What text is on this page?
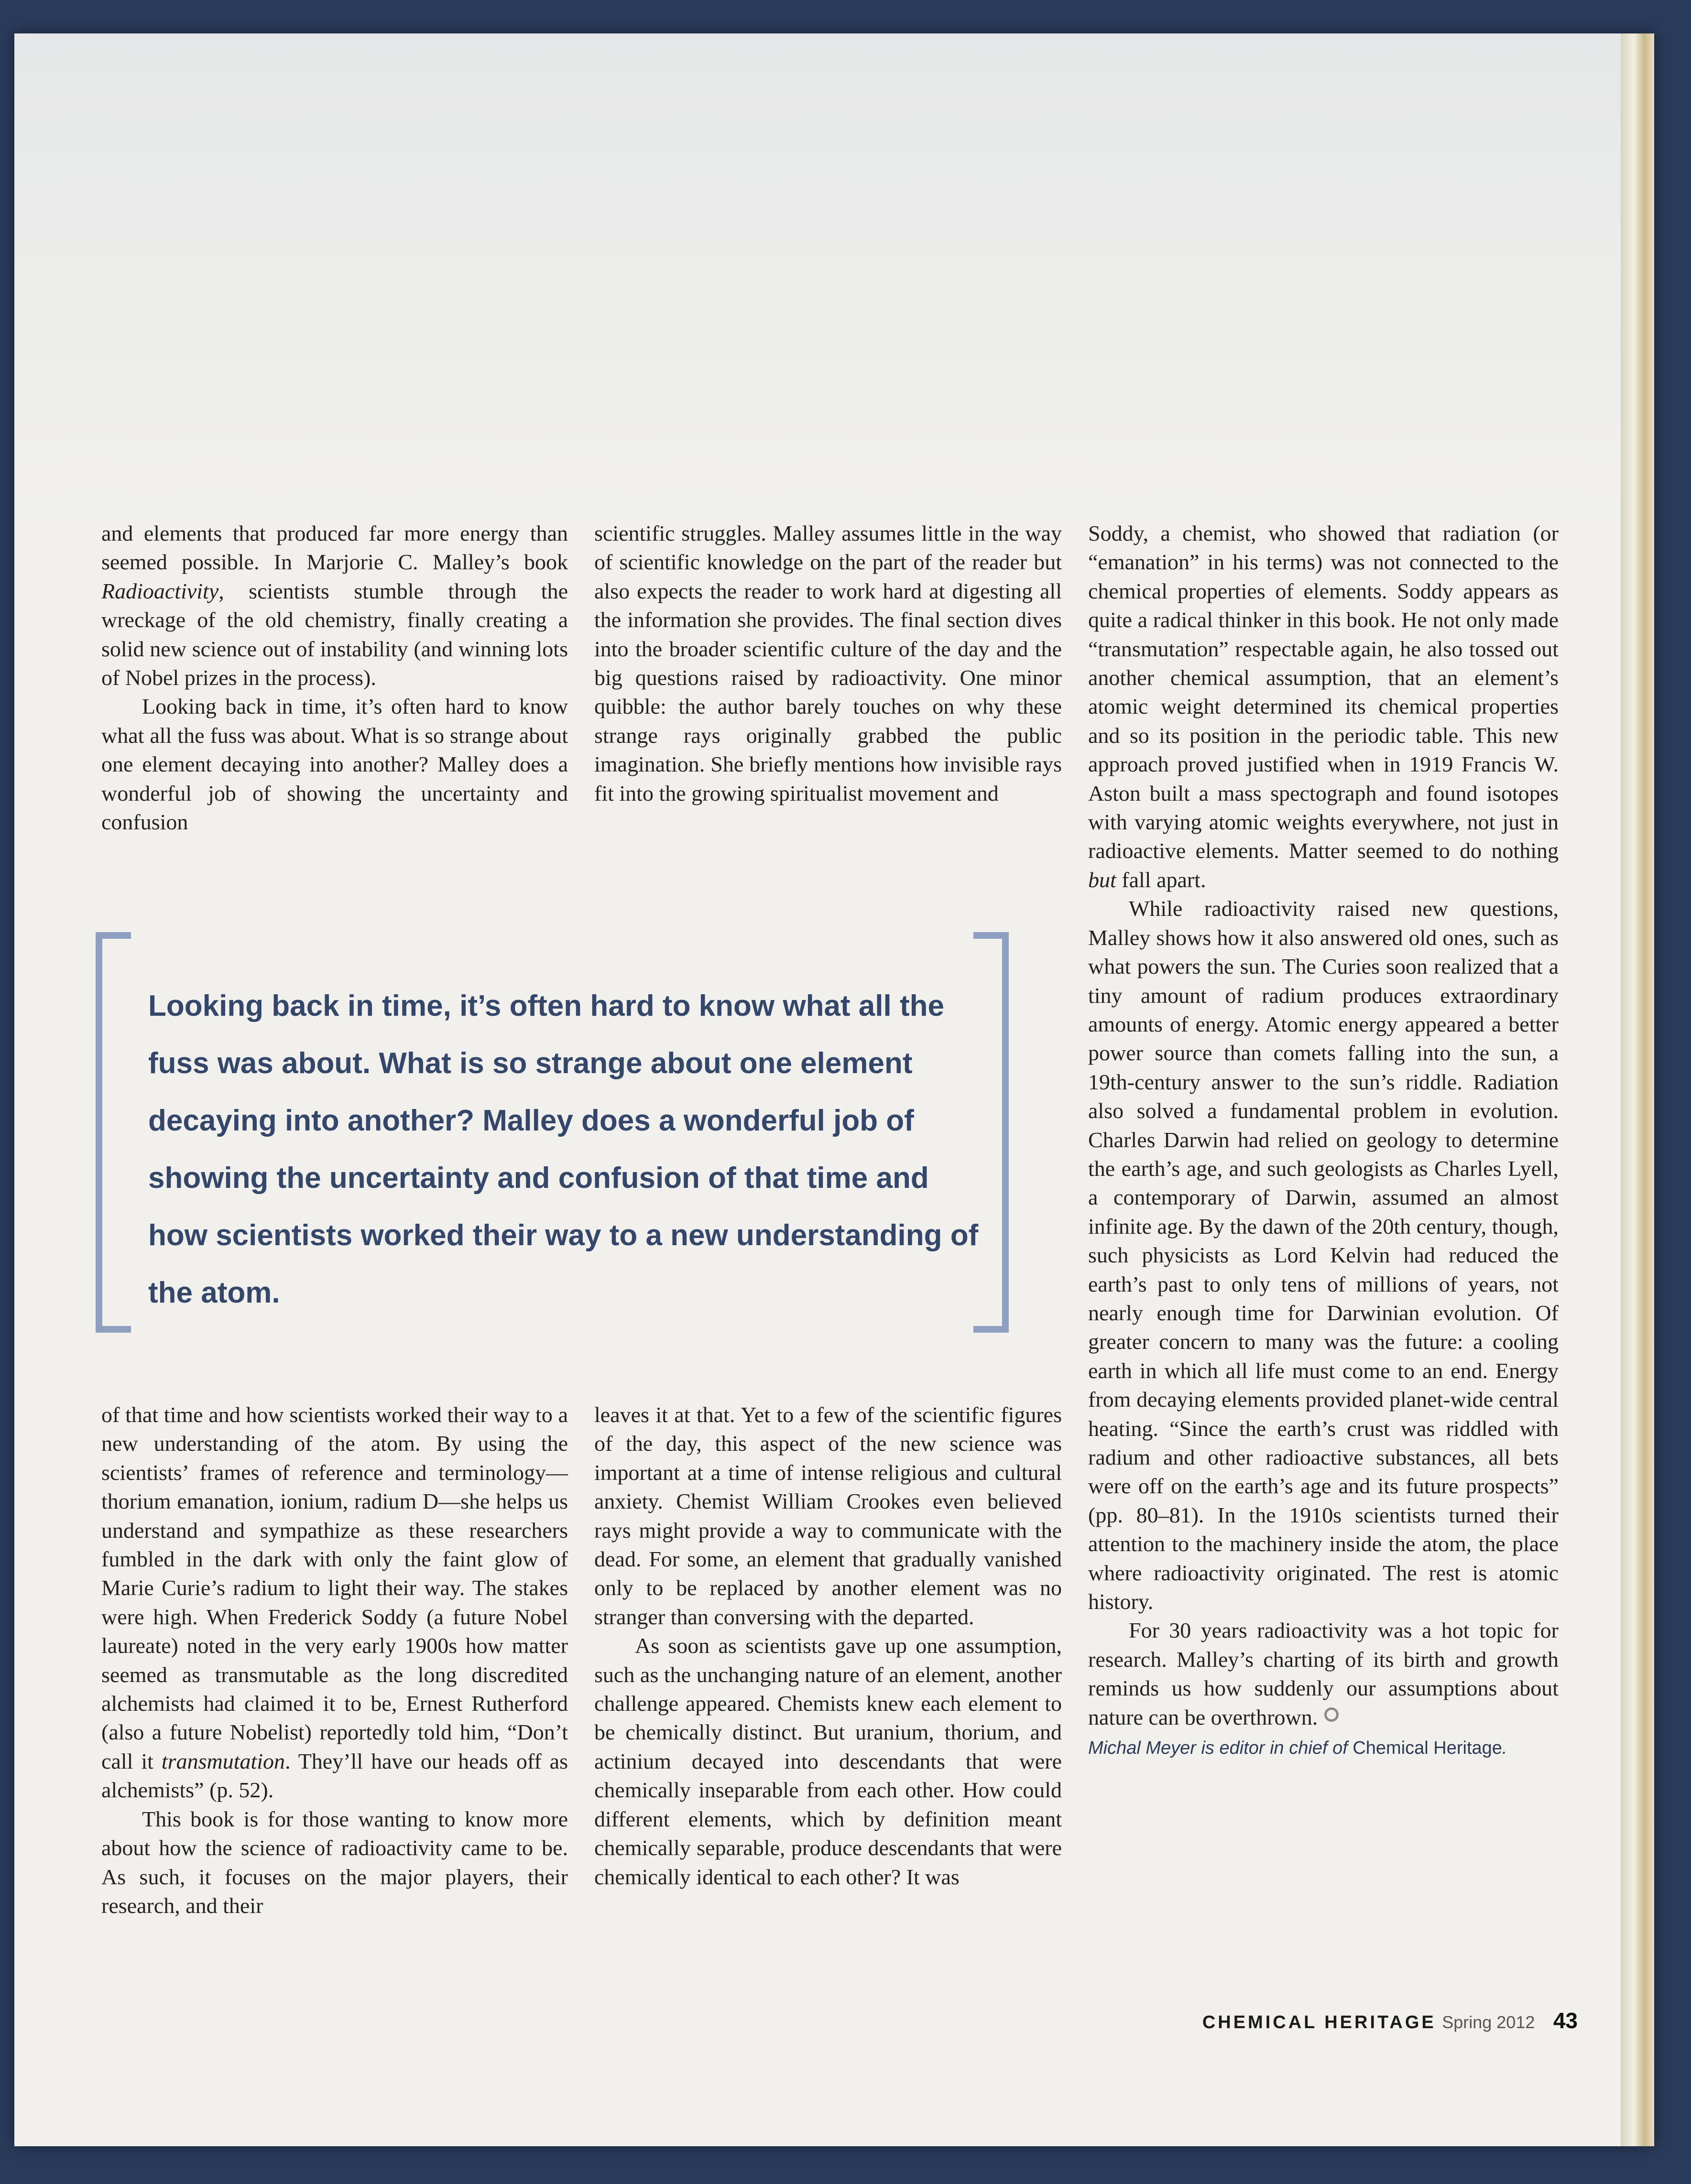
and elements that produced far more energy than seemed possible. In Marjorie C. Malley’s book Radioactivity, scientists stumble through the wreckage of the old chemistry, finally creating a solid new science out of instability (and winning lots of Nobel prizes in the process).

Looking back in time, it’s often hard to know what all the fuss was about. What is so strange about one element decaying into another? Malley does a wonderful job of showing the uncertainty and confusion

scientific struggles. Malley assumes little in the way of scientific knowledge on the part of the reader but also expects the reader to work hard at digesting all the information she provides. The final section dives into the broader scientific culture of the day and the big questions raised by radioactivity. One minor quibble: the author barely touches on why these strange rays originally grabbed the public imagination. She briefly mentions how invisible rays fit into the growing spiritualist movement and

Looking back in time, it’s often hard to know what all the fuss was about. What is so strange about one element decaying into another? Malley does a wonderful job of showing the uncertainty and confusion of that time and how scientists worked their way to a new understanding of the atom.

of that time and how scientists worked their way to a new understanding of the atom. By using the scientists’ frames of reference and terminology—thorium emanation, ionium, radium D—she helps us understand and sympathize as these researchers fumbled in the dark with only the faint glow of Marie Curie’s radium to light their way. The stakes were high. When Frederick Soddy (a future Nobel laureate) noted in the very early 1900s how matter seemed as transmutable as the long discredited alchemists had claimed it to be, Ernest Rutherford (also a future Nobelist) reportedly told him, “Don’t call it transmutation. They’ll have our heads off as alchemists” (p. 52).

This book is for those wanting to know more about how the science of radioactivity came to be. As such, it focuses on the major players, their research, and their

leaves it at that. Yet to a few of the scientific figures of the day, this aspect of the new science was important at a time of intense religious and cultural anxiety. Chemist William Crookes even believed rays might provide a way to communicate with the dead. For some, an element that gradually vanished only to be replaced by another element was no stranger than conversing with the departed.

As soon as scientists gave up one assumption, such as the unchanging nature of an element, another challenge appeared. Chemists knew each element to be chemically distinct. But uranium, thorium, and actinium decayed into descendants that were chemically inseparable from each other. How could different elements, which by definition meant chemically separable, produce descendants that were chemically identical to each other? It was

Soddy, a chemist, who showed that radiation (or “emanation” in his terms) was not connected to the chemical properties of elements. Soddy appears as quite a radical thinker in this book. He not only made “transmutation” respectable again, he also tossed out another chemical assumption, that an element’s atomic weight determined its chemical properties and so its position in the periodic table. This new approach proved justified when in 1919 Francis W. Aston built a mass spectograph and found isotopes with varying atomic weights everywhere, not just in radioactive elements. Matter seemed to do nothing but fall apart.

While radioactivity raised new questions, Malley shows how it also answered old ones, such as what powers the sun. The Curies soon realized that a tiny amount of radium produces extraordinary amounts of energy. Atomic energy appeared a better power source than comets falling into the sun, a 19th-century answer to the sun’s riddle. Radiation also solved a fundamental problem in evolution. Charles Darwin had relied on geology to determine the earth’s age, and such geologists as Charles Lyell, a contemporary of Darwin, assumed an almost infinite age. By the dawn of the 20th century, though, such physicists as Lord Kelvin had reduced the earth’s past to only tens of millions of years, not nearly enough time for Darwinian evolution. Of greater concern to many was the future: a cooling earth in which all life must come to an end. Energy from decaying elements provided planet-wide central heating. “Since the earth’s crust was riddled with radium and other radioactive substances, all bets were off on the earth’s age and its future prospects” (pp. 80–81). In the 1910s scientists turned their attention to the machinery inside the atom, the place where radioactivity originated. The rest is atomic history.

For 30 years radioactivity was a hot topic for research. Malley’s charting of its birth and growth reminds us how suddenly our assumptions about nature can be overthrown.

Michal Meyer is editor in chief of Chemical Heritage.
CHEMICAL HERITAGE Spring 2012 43
